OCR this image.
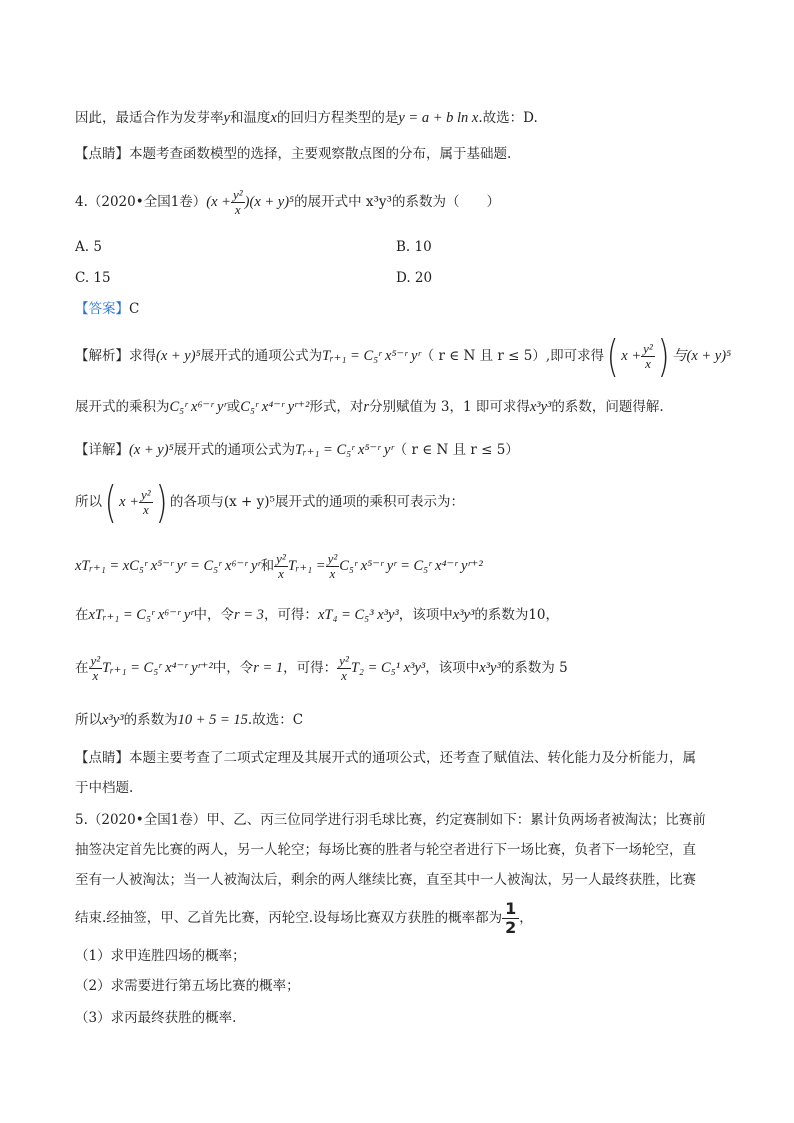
因此，最适合作为发芽率y和温度x的回归方程类型的是y = a + b ln x.故选：D.
【点睛】本题考查函数模型的选择，主要观察散点图的分布，属于基础题.
4.（2020•全国1卷）$(x + \frac{\text{y²}}{x} )(x + y)^5$的展开式中 x³y³的系数为（　　）
A. 5	B. 10
C. 15	D. 20
【答案】C
【解析】求得(x + y)⁵展开式的通项公式为Tᵣ₊₁ = C₅ʳ x⁵⁻ʳ yʳ（ r ∈ N 且 r ≤ 5）,即可求得( $x + \frac{\text{y²}}{x}$ ) 与(x + y)⁵
展开式的乘积为C₅ʳ x⁶⁻ʳ yʳ或C₅ʳ x⁴⁻ʳ yʳ⁺²形式，对r分别赋值为 3，1 即可求得x³y³的系数，问题得解.
【详解】(x + y)⁵展开式的通项公式为Tᵣ₊₁ = C₅ʳ x⁵⁻ʳ yʳ（ r ∈ N 且 r ≤ 5）
所以( $x + \frac{\text{y²}}{x}$ ) 的各项与(x + y)⁵展开式的通项的乘积可表示为：
xTᵣ₊₁ = xC₅ʳ x⁵⁻ʳ yʳ = C₅ʳ x⁶⁻ʳ yʳ和 $\frac{\text{y²}}{x}$ Tᵣ₊₁ = $\frac{\text{y²}}{x}$ C₅ʳ x⁵⁻ʳ yʳ = C₅ʳ x⁴⁻ʳ yʳ⁺²
在xTᵣ₊₁ = C₅ʳ x⁶⁻ʳ yʳ中，令r = 3，可得：xT₄ = C₅³ x³y³，该项中x³y³的系数为10，
在 $\frac{\text{y²}}{x}$ Tᵣ₊₁ = C₅ʳ x⁴⁻ʳ yʳ⁺²中，令r = 1，可得： $\frac{\text{y²}}{x} T_2 = C_5^1$ x³y³，该项中x³y³的系数为 5
所以x³y³的系数为10 + 5 = 15.故选：C
【点睛】本题主要考查了二项式定理及其展开式的通项公式，还考查了赋值法、转化能力及分析能力，属
于中档题.
5.（2020•全国1卷）甲、乙、丙三位同学进行羽毛球比赛，约定赛制如下：累计负两场者被淘汰；比赛前
抽签决定首先比赛的两人，另一人轮空；每场比赛的胜者与轮空者进行下一场比赛，负者下一场轮空，直
至有一人被淘汰；当一人被淘汰后，剩余的两人继续比赛，直至其中一人被淘汰，另一人最终获胜，比赛
结束.经抽签，甲、乙首先比赛，丙轮空.设每场比赛双方获胜的概率都为 $\frac{1}{2}$ ，
（1）求甲连胜四场的概率；
（2）求需要进行第五场比赛的概率；
（3）求丙最终获胜的概率.
